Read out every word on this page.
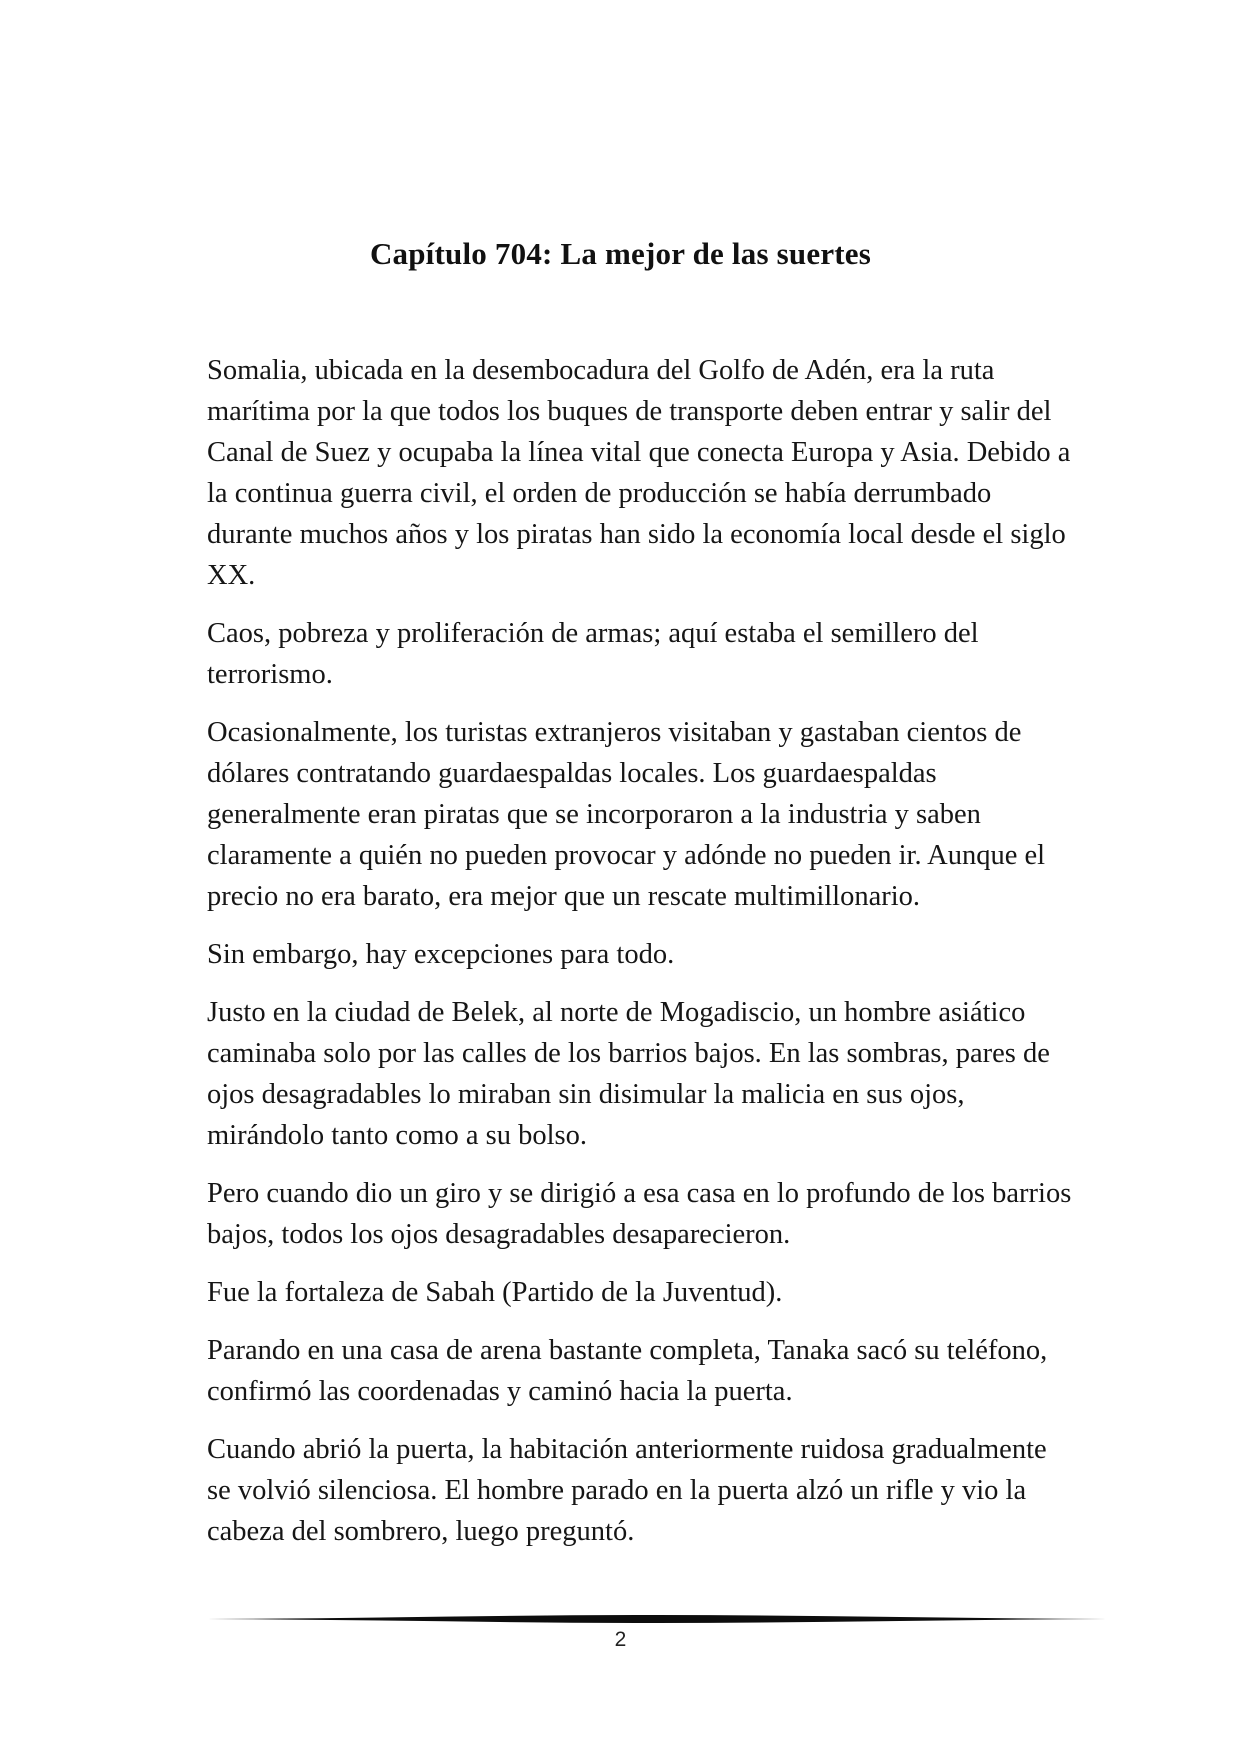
Capítulo 704: La mejor de las suertes

Somalia, ubicada en la desembocadura del Golfo de Adén, era la ruta marítima por la que todos los buques de transporte deben entrar y salir del Canal de Suez y ocupaba la línea vital que conecta Europa y Asia. Debido a la continua guerra civil, el orden de producción se había derrumbado durante muchos años y los piratas han sido la economía local desde el siglo XX.

Caos, pobreza y proliferación de armas; aquí estaba el semillero del terrorismo.

Ocasionalmente, los turistas extranjeros visitaban y gastaban cientos de dólares contratando guardaespaldas locales. Los guardaespaldas generalmente eran piratas que se incorporaron a la industria y saben claramente a quién no pueden provocar y adónde no pueden ir. Aunque el precio no era barato, era mejor que un rescate multimillonario.

Sin embargo, hay excepciones para todo.

Justo en la ciudad de Belek, al norte de Mogadiscio, un hombre asiático caminaba solo por las calles de los barrios bajos. En las sombras, pares de ojos desagradables lo miraban sin disimular la malicia en sus ojos, mirándolo tanto como a su bolso.

Pero cuando dio un giro y se dirigió a esa casa en lo profundo de los barrios bajos, todos los ojos desagradables desaparecieron.

Fue la fortaleza de Sabah (Partido de la Juventud).

Parando en una casa de arena bastante completa, Tanaka sacó su teléfono, confirmó las coordenadas y caminó hacia la puerta.

Cuando abrió la puerta, la habitación anteriormente ruidosa gradualmente se volvió silenciosa. El hombre parado en la puerta alzó un rifle y vio la cabeza del sombrero, luego preguntó.

2
